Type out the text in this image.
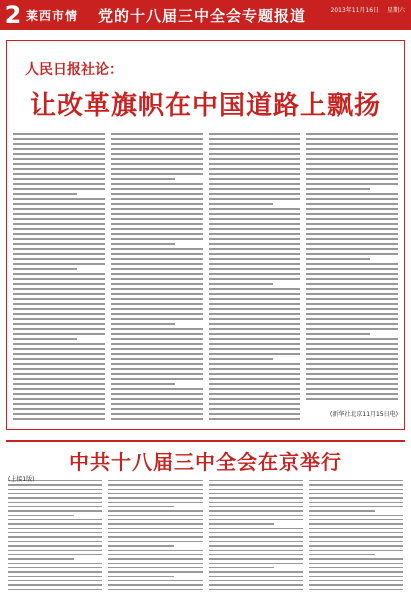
2 莱西市情 党的十八届三中全会专题报道	2013年11月16日 星期六
人民日报社论：
让改革旗帜在中国道路上飘扬
(新华社北京11月15日电)
中共十八届三中全会在京举行
